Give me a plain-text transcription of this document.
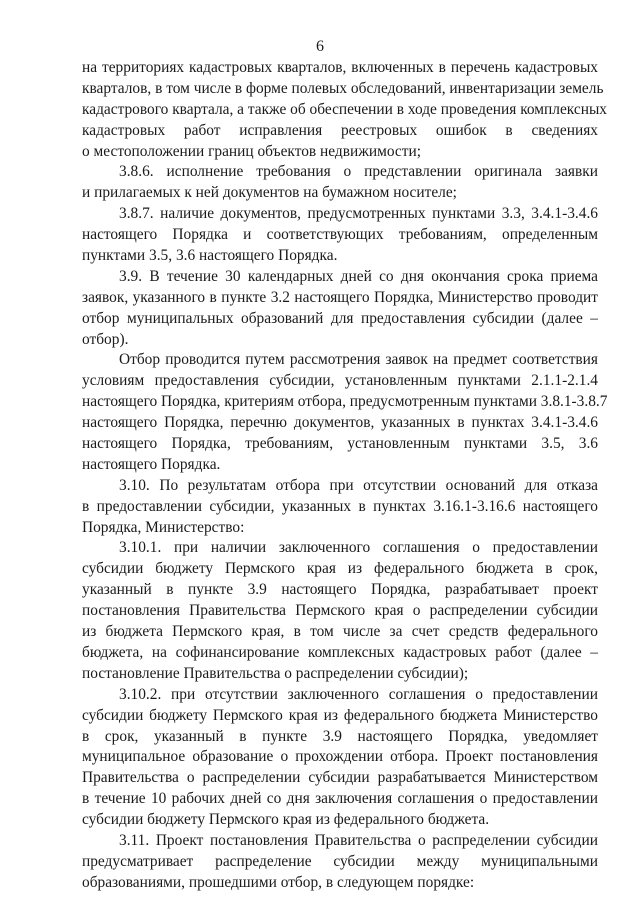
6
на территориях кадастровых кварталов, включенных в перечень кадастровых
кварталов, в том числе в форме полевых обследований, инвентаризации земель
кадастрового квартала, а также об обеспечении в ходе проведения комплексных
кадастровых работ исправления реестровых ошибок в сведениях
о местоположении границ объектов недвижимости;
3.8.6. исполнение требования о представлении оригинала заявки
и прилагаемых к ней документов на бумажном носителе;
3.8.7. наличие документов, предусмотренных пунктами 3.3, 3.4.1-3.4.6
настоящего Порядка и соответствующих требованиям, определенным
пунктами 3.5, 3.6 настоящего Порядка.
3.9. В течение 30 календарных дней со дня окончания срока приема
заявок, указанного в пункте 3.2 настоящего Порядка, Министерство проводит
отбор муниципальных образований для предоставления субсидии (далее –
отбор).
Отбор проводится путем рассмотрения заявок на предмет соответствия
условиям предоставления субсидии, установленным пунктами 2.1.1-2.1.4
настоящего Порядка, критериям отбора, предусмотренным пунктами 3.8.1-3.8.7
настоящего Порядка, перечню документов, указанных в пунктах 3.4.1-3.4.6
настоящего Порядка, требованиям, установленным пунктами 3.5, 3.6
настоящего Порядка.
3.10. По результатам отбора при отсутствии оснований для отказа
в предоставлении субсидии, указанных в пунктах 3.16.1-3.16.6 настоящего
Порядка, Министерство:
3.10.1. при наличии заключенного соглашения о предоставлении
субсидии бюджету Пермского края из федерального бюджета в срок,
указанный в пункте 3.9 настоящего Порядка, разрабатывает проект
постановления Правительства Пермского края о распределении субсидии
из бюджета Пермского края, в том числе за счет средств федерального
бюджета, на софинансирование комплексных кадастровых работ (далее –
постановление Правительства о распределении субсидии);
3.10.2. при отсутствии заключенного соглашения о предоставлении
субсидии бюджету Пермского края из федерального бюджета Министерство
в срок, указанный в пункте 3.9 настоящего Порядка, уведомляет
муниципальное образование о прохождении отбора. Проект постановления
Правительства о распределении субсидии разрабатывается Министерством
в течение 10 рабочих дней со дня заключения соглашения о предоставлении
субсидии бюджету Пермского края из федерального бюджета.
3.11. Проект постановления Правительства о распределении субсидии
предусматривает распределение субсидии между муниципальными
образованиями, прошедшими отбор, в следующем порядке:
